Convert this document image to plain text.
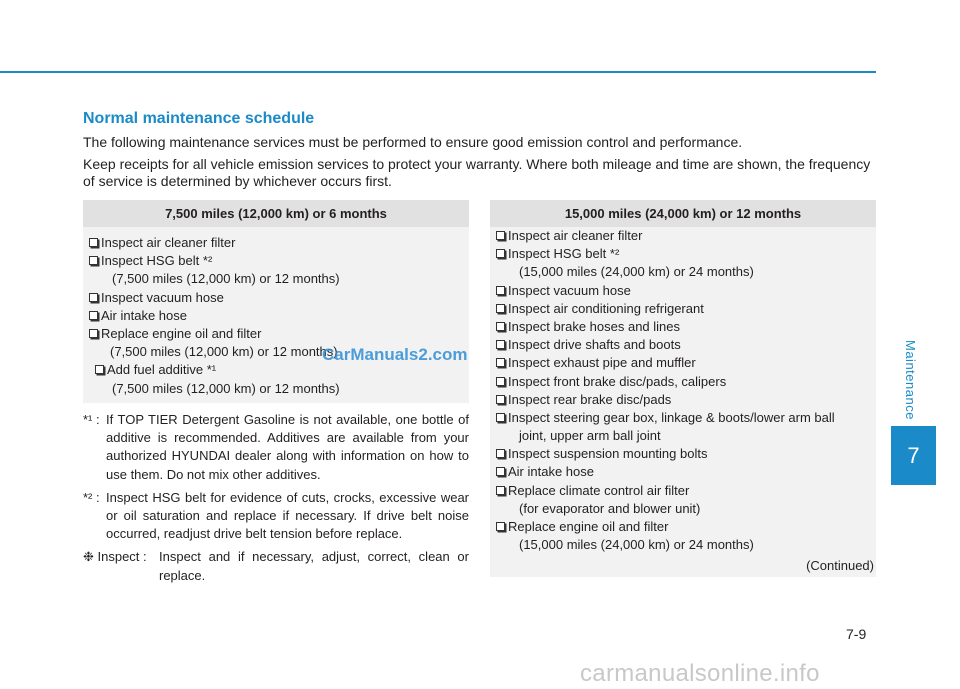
Maintenance
7
Normal maintenance schedule

The following maintenance services must be performed to ensure good emission control and performance.

Keep receipts for all vehicle emission services to protect your warranty. Where both mileage and time are shown, the frequency of service is determined by whichever occurs first.

7,500 miles (12,000 km) or 6 months
Inspect air cleaner filter
Inspect HSG belt *²
(7,500 miles (12,000 km) or 12 months)
Inspect vacuum hose
Air intake hose
Replace engine oil and filter
(7,500 miles (12,000 km) or 12 months)
Add fuel additive *¹
(7,500 miles (12,000 km) or 12 months)
*¹ : If TOP TIER Detergent Gasoline is not available, one bottle of additive is recommended. Additives are available from your authorized HYUNDAI dealer along with information on how to use them. Do not mix other additives.
*² : Inspect HSG belt for evidence of cuts, crocks, excessive wear or oil saturation and replace if necessary. If drive belt noise occurred, readjust drive belt tension before replace.
❉ Inspect : Inspect and if necessary, adjust, correct, clean or replace.
15,000 miles (24,000 km) or 12 months
Inspect air cleaner filter
Inspect HSG belt *²
(15,000 miles (24,000 km) or 24 months)
Inspect vacuum hose
Inspect air conditioning refrigerant
Inspect brake hoses and lines
Inspect drive shafts and boots
Inspect exhaust pipe and muffler
Inspect front brake disc/pads, calipers
Inspect rear brake disc/pads
Inspect steering gear box, linkage & boots/lower arm ball
joint, upper arm ball joint
Inspect suspension mounting bolts
Air intake hose
Replace climate control air filter
(for evaporator and blower unit)
Replace engine oil and filter
(15,000 miles (24,000 km) or 24 months)
(Continued)
7-9
CarManuals2.com
carmanualsonline.info
